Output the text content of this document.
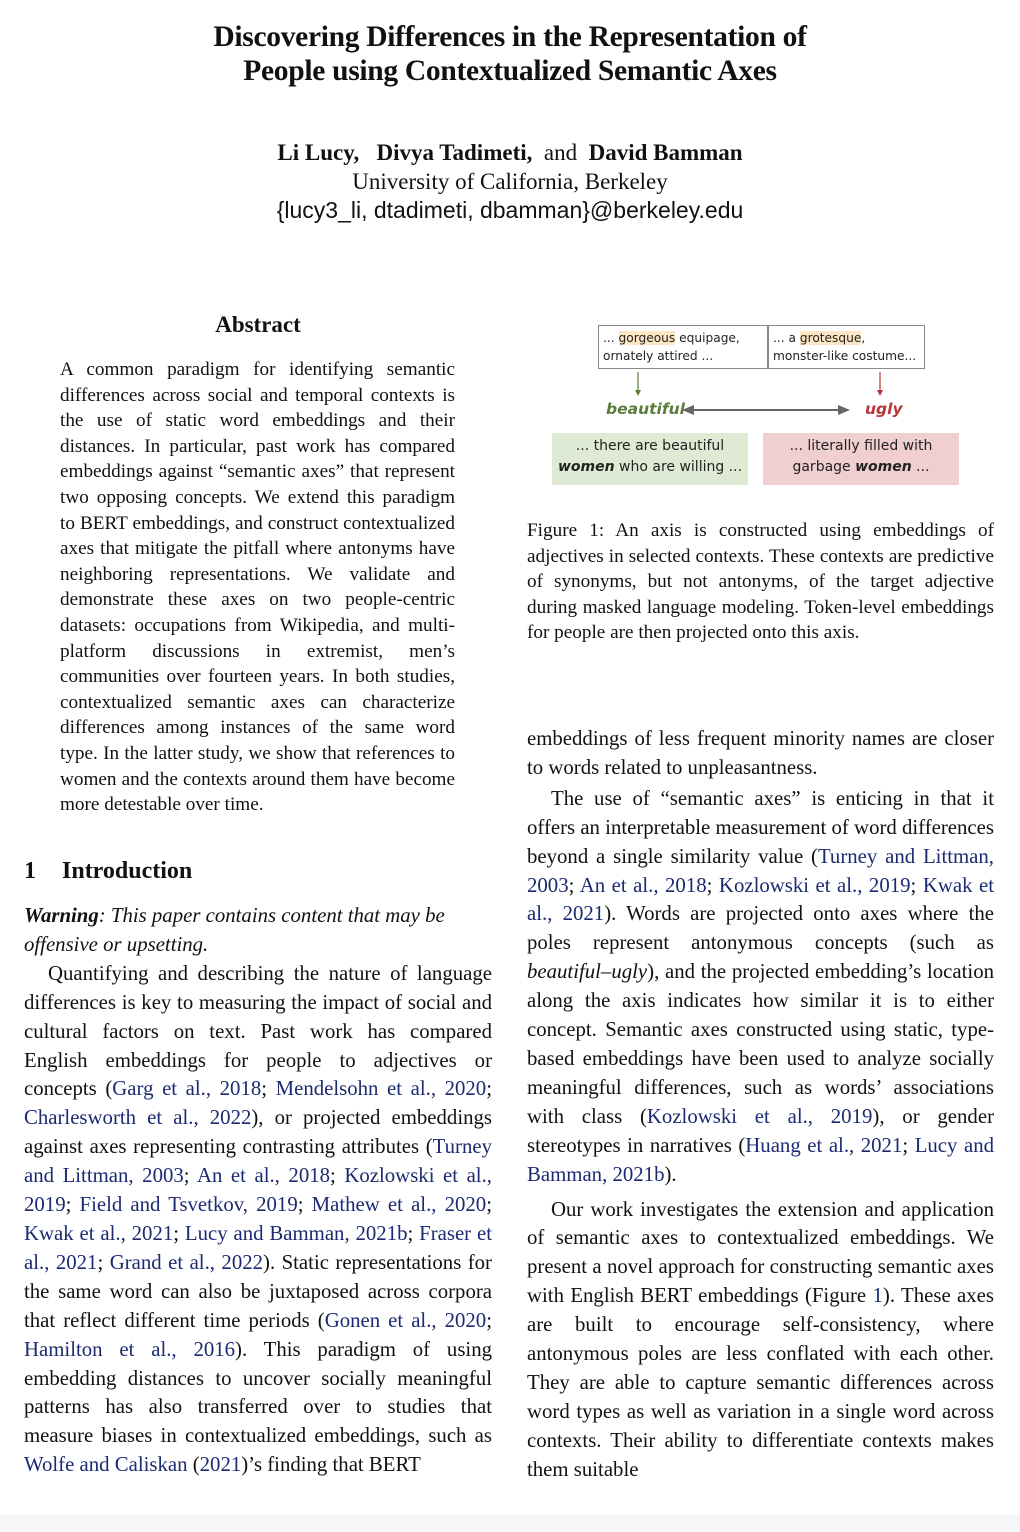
Discovering Differences in the Representation of
People using Contextualized Semantic Axes
Li Lucy, Divya Tadimeti, and David Bamman
University of California, Berkeley
{lucy3_li, dtadimeti, dbamman}@berkeley.edu
Abstract
A common paradigm for identifying semantic differences across social and temporal contexts is the use of static word embeddings and their distances. In particular, past work has compared embeddings against “semantic axes” that represent two opposing concepts. We extend this paradigm to BERT embeddings, and construct contextualized axes that mitigate the pitfall where antonyms have neighboring representations. We validate and demonstrate these axes on two people-centric datasets: occupations from Wikipedia, and multi-platform discussions in extremist, men’s communities over fourteen years. In both studies, contextualized semantic axes can characterize differences among instances of the same word type. In the latter study, we show that references to women and the contexts around them have become more detestable over time.
1 Introduction

Warning: This paper contains content that may be offensive or upsetting.

Quantifying and describing the nature of language differences is key to measuring the impact of social and cultural factors on text. Past work has compared English embeddings for people to adjectives or concepts (Garg et al., 2018; Mendelsohn et al., 2020; Charlesworth et al., 2022), or projected embeddings against axes representing contrasting attributes (Turney and Littman, 2003; An et al., 2018; Kozlowski et al., 2019; Field and Tsvetkov, 2019; Mathew et al., 2020; Kwak et al., 2021; Lucy and Bamman, 2021b; Fraser et al., 2021; Grand et al., 2022). Static representations for the same word can also be juxtaposed across corpora that reflect different time periods (Gonen et al., 2020; Hamilton et al., 2016). This paradigm of using embedding distances to uncover socially meaningful patterns has also transferred over to studies that measure biases in contextualized embeddings, such as Wolfe and Caliskan (2021)’s finding that BERT

... gorgeous equipage,
ornately attired ...
... a grotesque,
monster-like costume...
beautiful	ugly
... there are beautiful
women who are willing ...
... literally filled with
garbage women ...
Figure 1: An axis is constructed using embeddings of adjectives in selected contexts. These contexts are predictive of synonyms, but not antonyms, of the target adjective during masked language modeling. Token-level embeddings for people are then projected onto this axis.

embeddings of less frequent minority names are closer to words related to unpleasantness.

The use of “semantic axes” is enticing in that it offers an interpretable measurement of word differences beyond a single similarity value (Turney and Littman, 2003; An et al., 2018; Kozlowski et al., 2019; Kwak et al., 2021). Words are projected onto axes where the poles represent antonymous concepts (such as beautiful–ugly), and the projected embedding’s location along the axis indicates how similar it is to either concept. Semantic axes constructed using static, type-based embeddings have been used to analyze socially meaningful differences, such as words’ associations with class (Kozlowski et al., 2019), or gender stereotypes in narratives (Huang et al., 2021; Lucy and Bamman, 2021b).

Our work investigates the extension and application of semantic axes to contextualized embeddings. We present a novel approach for constructing semantic axes with English BERT embeddings (Figure 1). These axes are built to encourage self-consistency, where antonymous poles are less conflated with each other. They are able to capture semantic differences across word types as well as variation in a single word across contexts. Their ability to differentiate contexts makes them suitable
